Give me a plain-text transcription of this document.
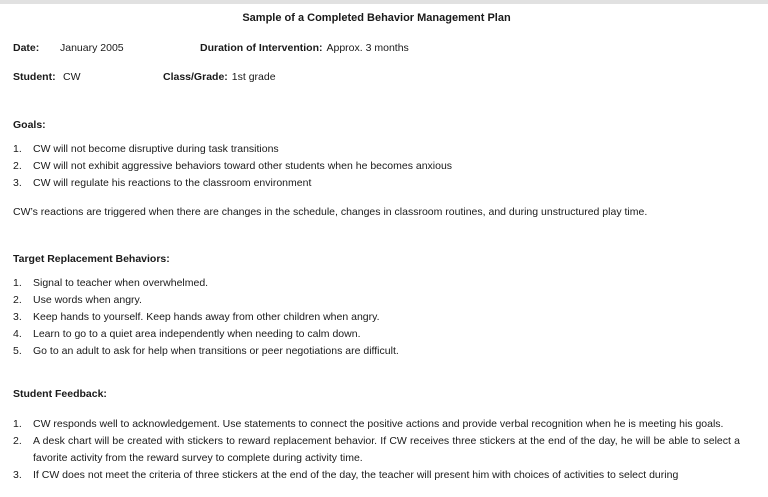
Sample of a Completed Behavior Management Plan
Date: January 2005	Duration of Intervention: Approx. 3 months
Student: CW	Class/Grade: 1st grade
Goals:
1.	CW will not become disruptive during task transitions
2.	CW will not exhibit aggressive behaviors toward other students when he becomes anxious
3.	CW will regulate his reactions to the classroom environment
CW’s reactions are triggered when there are changes in the schedule, changes in classroom routines, and during unstructured play time.
Target Replacement Behaviors:
1.	Signal to teacher when overwhelmed.
2.	Use words when angry.
3.	Keep hands to yourself. Keep hands away from other children when angry.
4.	Learn to go to a quiet area independently when needing to calm down.
5.	Go to an adult to ask for help when transitions or peer negotiations are difficult.
Student Feedback:
1.	CW responds well to acknowledgement. Use statements to connect the positive actions and provide verbal recognition when he is meeting his goals.
2.	A desk chart will be created with stickers to reward replacement behavior. If CW receives three stickers at the end of the day, he will be able to select a favorite activity from the reward survey to complete during activity time.
3.	If CW does not meet the criteria of three stickers at the end of the day, the teacher will present him with choices of activities to select during
